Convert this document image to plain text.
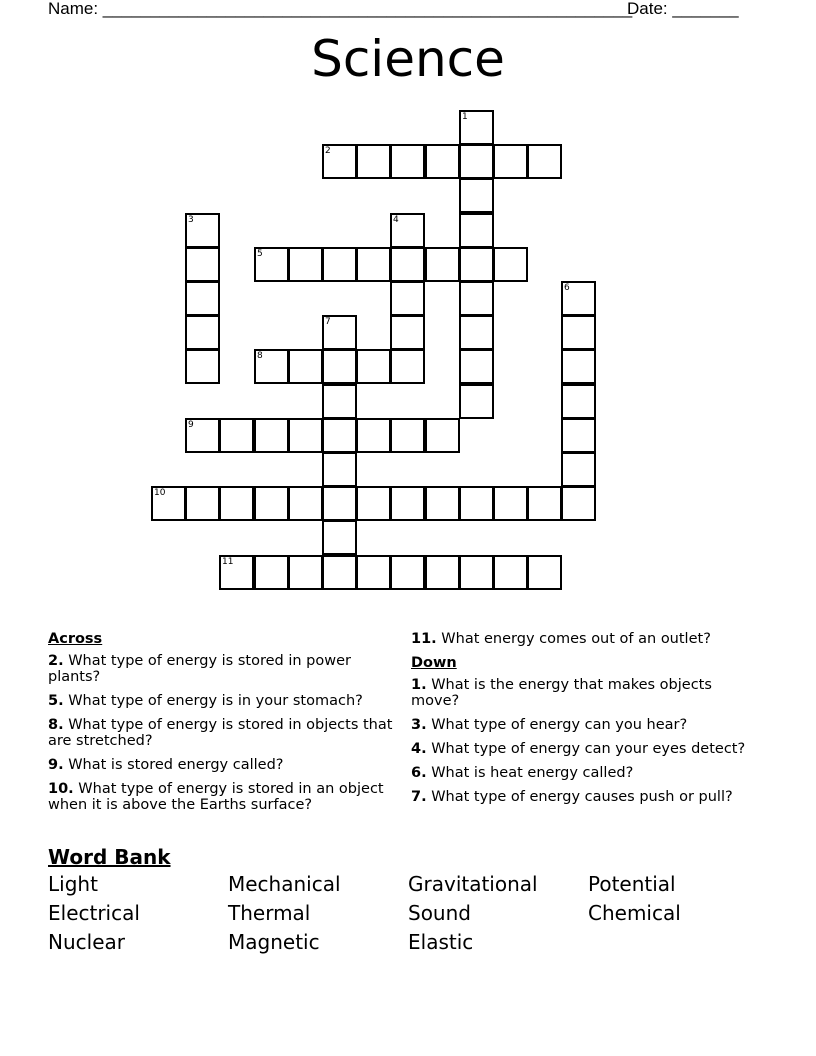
Name: ________________________________________________________
Date: _______
Science
1
2
3	4
5
6
7
8
9
10
11
Across
2. What type of energy is stored in power plants?
5. What type of energy is in your stomach?
8. What type of energy is stored in objects that are stretched?
9. What is stored energy called?
10. What type of energy is stored in an object when it is above the Earths surface?
11. What energy comes out of an outlet?
Down
1. What is the energy that makes objects move?
3. What type of energy can you hear?
4. What type of energy can your eyes detect?
6. What is heat energy called?
7. What type of energy causes push or pull?
Word Bank
Light	Mechanical	Gravitational	Potential
Electrical	Thermal	Sound	Chemical
Nuclear	Magnetic	Elastic
